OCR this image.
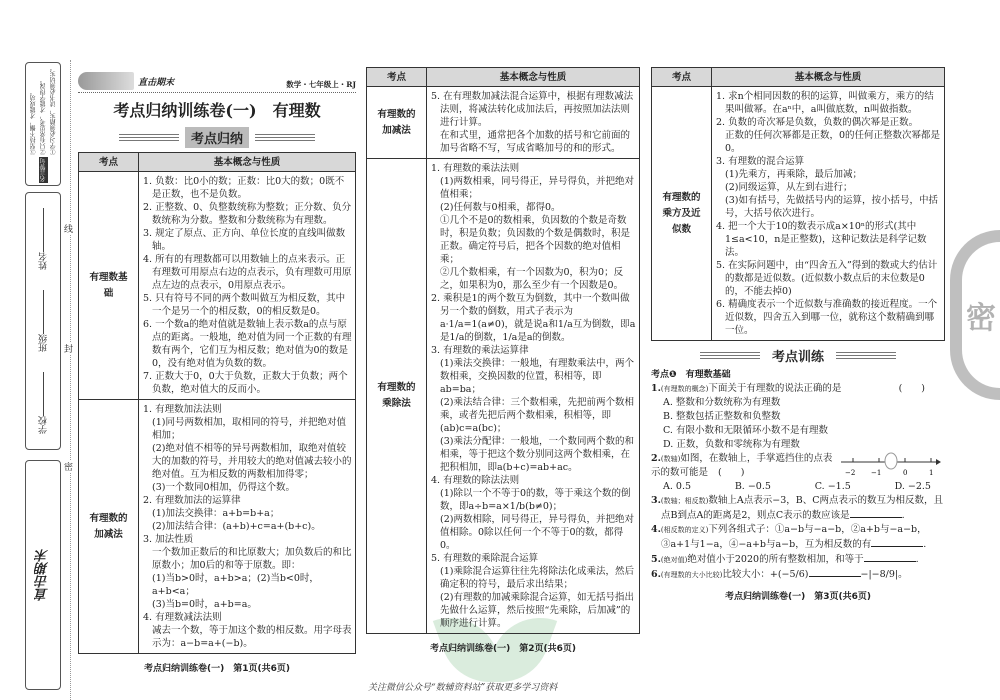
密
①学习必须踏实，读书必须切实。
②只有常思考，才能学得深。
③坚持不懈，才能成功。
名言警句
学校
班级
姓名
直击期末
密
封
线
直击期末	数学・七年级上・RJ
考点归纳训练卷(一)　有理数
考点归纳
考点	基本概念与性质
有理数基础

1. 负数：比0小的数；正数：比0大的数；0既不是正数，也不是负数。

2. 正整数、0、负整数统称为整数；正分数、负分数统称为分数。整数和分数统称为有理数。

3. 规定了原点、正方向、单位长度的直线叫做数轴。

4. 所有的有理数都可以用数轴上的点来表示。正有理数可用原点右边的点表示，负有理数可用原点左边的点表示，0用原点表示。

5. 只有符号不同的两个数叫做互为相反数，其中一个是另一个的相反数，0的相反数是0。

6. 一个数a的绝对值就是数轴上表示数a的点与原点的距离。一般地，绝对值为同一个正数的有理数有两个，它们互为相反数；绝对值为0的数是0，没有绝对值为负数的数。

7. 正数大于0，0大于负数，正数大于负数；两个负数，绝对值大的反而小。

有理数的加减法

1. 有理数加法法则

(1)同号两数相加，取相同的符号，并把绝对值相加；

(2)绝对值不相等的异号两数相加，取绝对值较大的加数的符号，并用较大的绝对值减去较小的绝对值。互为相反数的两数相加得零；

(3)一个数同0相加，仍得这个数。

2. 有理数加法的运算律

(1)加法交换律：a+b=b+a；

(2)加法结合律：(a+b)+c=a+(b+c)。

3. 加法性质

一个数加正数后的和比原数大；加负数后的和比原数小；加0后的和等于原数。即：

(1)当b>0时，a+b>a；(2)当b<0时，a+b<a；

(3)当b=0时，a+b=a。

4. 有理数减法法则

减去一个数，等于加这个数的相反数。用字母表示为：a−b=a+(−b)。

考点归纳训练卷(一)　第1页(共6页)
考点	基本概念与性质
有理数的加减法

5. 在有理数加减法混合运算中，根据有理数减法法则，将减法转化成加法后，再按照加法法则进行计算。

在和式里，通常把各个加数的括号和它前面的加号省略不写，写成省略加号的和的形式。

有理数的乘除法

1. 有理数的乘法法则

(1)两数相乘，同号得正，异号得负，并把绝对值相乘；

(2)任何数与0相乘，都得0。

①几个不是0的数相乘，负因数的个数是奇数时，积是负数；负因数的个数是偶数时，积是正数。确定符号后，把各个因数的绝对值相乘；

②几个数相乘，有一个因数为0，积为0；反之，如果积为0，那么至少有一个因数是0。

2. 乘积是1的两个数互为倒数，其中一个数叫做另一个数的倒数，用式子表示为a·1/a=1(a≠0)，就是说a和1/a互为倒数，即a是1/a的倒数，1/a是a的倒数。

3. 有理数的乘法运算律

(1)乘法交换律：一般地，有理数乘法中，两个数相乘，交换因数的位置，积相等，即ab=ba；

(2)乘法结合律：三个数相乘，先把前两个数相乘，或者先把后两个数相乘，积相等，即(ab)c=a(bc)；

(3)乘法分配律：一般地，一个数同两个数的和相乘，等于把这个数分别同这两个数相乘，在把积相加，即a(b+c)=ab+ac。

4. 有理数的除法法则

(1)除以一个不等于0的数，等于乘这个数的倒数，即a÷b=a×1/b(b≠0)；

(2)两数相除，同号得正，异号得负，并把绝对值相除。0除以任何一个不等于0的数，都得0。

5. 有理数的乘除混合运算

(1)乘除混合运算往往先将除法化成乘法，然后确定积的符号，最后求出结果；

(2)有理数的加减乘除混合运算，如无括号指出先做什么运算，然后按照“先乘除，后加减”的顺序进行计算。

考点归纳训练卷(一)　第2页(共6页)
考点	基本概念与性质
有理数的乘方及近似数

1. 求n个相同因数的积的运算，叫做乘方，乘方的结果叫做幂。在aⁿ中，a叫做底数，n叫做指数。

2. 负数的奇次幂是负数，负数的偶次幂是正数。

正数的任何次幂都是正数，0的任何正整数次幂都是0。

3. 有理数的混合运算

(1)先乘方，再乘除，最后加减；

(2)同级运算，从左到右进行；

(3)如有括号，先做括号内的运算，按小括号，中括号，大括号依次进行。

4. 把一个大于10的数表示成a×10ⁿ的形式(其中1≤a<10，n是正整数)，这种记数法是科学记数法。

5. 在实际问题中，由“四舍五入”得到的数或大约估计的数都是近似数。(近似数小数点后的末位数是0的，不能去掉0)

6. 精确度表示一个近似数与准确数的接近程度。一个近似数，四舍五入到哪一位，就称这个数精确到哪一位。

考点训练

考点❶　有理数基础

1.(有理数的概念)下面关于有理数的说法正确的是	(　　)

A. 整数和分数统称为有理数

B. 整数包括正整数和负整数

C. 有限小数和无限循环小数不是有理数

D. 正数，负数和零统称为有理数

2.(数轴)如图，在数轴上，手掌遮挡住的点表示的数可能是 (　　)	−2 −1	0	1

A. 0.5	B. −0.5	C. −1.5	D. −2.5

3.(数轴；相反数)数轴上A点表示−3，B、C两点表示的数互为相反数，且点B到点A的距离是2，则点C表示的数应该是	.

4.(相反数的定义)下列各组式子：①a−b与−a−b，②a+b与−a−b，③a+1与1−a，④−a+b与a−b，互为相反数的有	.

5.(绝对值)绝对值小于2020的所有整数相加，和等于	.

6.(有理数的大小比较)比较大小：+(−5/6)	−|−8/9|。

考点归纳训练卷(一)　第3页(共6页)
关注微信公众号“数辅资料站”获取更多学习资料
